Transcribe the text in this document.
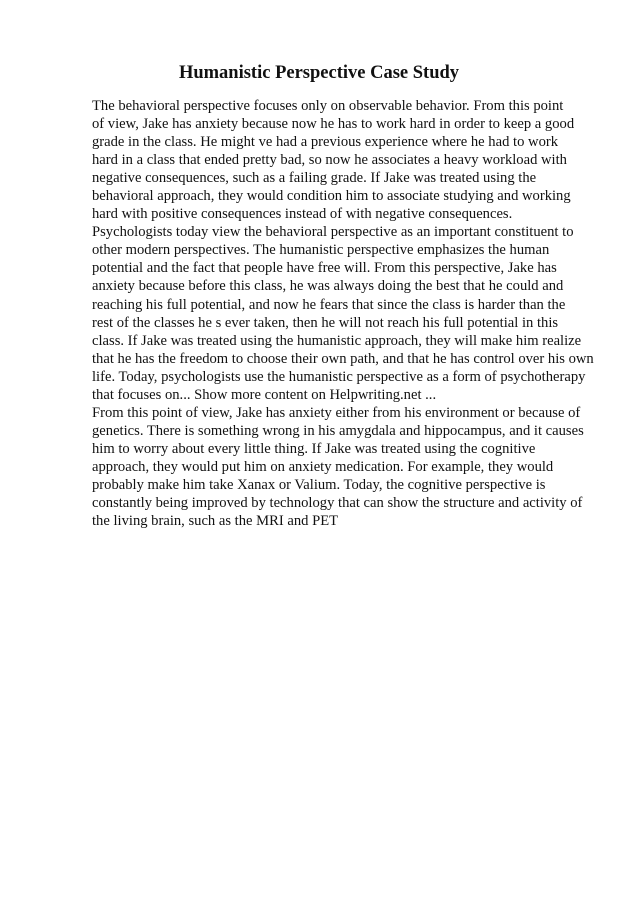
Humanistic Perspective Case Study
The behavioral perspective focuses only on observable behavior. From this point
of view, Jake has anxiety because now he has to work hard in order to keep a good
grade in the class. He might ve had a previous experience where he had to work
hard in a class that ended pretty bad, so now he associates a heavy workload with
negative consequences, such as a failing grade. If Jake was treated using the
behavioral approach, they would condition him to associate studying and working
hard with positive consequences instead of with negative consequences.
Psychologists today view the behavioral perspective as an important constituent to
other modern perspectives. The humanistic perspective emphasizes the human
potential and the fact that people have free will. From this perspective, Jake has
anxiety because before this class, he was always doing the best that he could and
reaching his full potential, and now he fears that since the class is harder than the
rest of the classes he s ever taken, then he will not reach his full potential in this
class. If Jake was treated using the humanistic approach, they will make him realize
that he has the freedom to choose their own path, and that he has control over his own
life. Today, psychologists use the humanistic perspective as a form of psychotherapy
that focuses on... Show more content on Helpwriting.net ...
From this point of view, Jake has anxiety either from his environment or because of
genetics. There is something wrong in his amygdala and hippocampus, and it causes
him to worry about every little thing. If Jake was treated using the cognitive
approach, they would put him on anxiety medication. For example, they would
probably make him take Xanax or Valium. Today, the cognitive perspective is
constantly being improved by technology that can show the structure and activity of
the living brain, such as the MRI and PET
